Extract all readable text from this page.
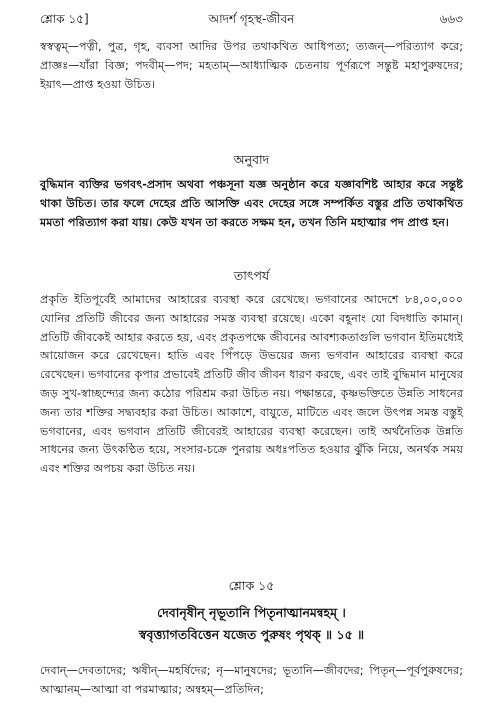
শ্লোক ১৫]	আদর্শ গৃহস্থ-জীবন	৬৬৩

স্বস্বত্বম্—পত্নী, পুত্র, গৃহ, ব্যবসা আদির উপর তথাকথিত আধিপত্য; ত্যজন্—পরিত্যাগ করে; প্রাজ্ঞঃ—যাঁরা বিজ্ঞ; পদবীম্—পদ; মহতাম্—আধ্যাত্মিক চেতনায় পূর্ণরূপে সন্তুষ্ট মহাপুরুষদের; ইয়াৎ—প্রাপ্ত হওয়া উচিত।

অনুবাদ

বুদ্ধিমান ব্যক্তির ভগবৎ-প্রসাদ অথবা পঞ্চসূনা যজ্ঞ অনুষ্ঠান করে যজ্ঞাবশিষ্ট আহার করে সন্তুষ্ট থাকা উচিত। তার ফলে দেহের প্রতি আসক্তি এবং দেহের সঙ্গে সম্পর্কিত বস্তুর প্রতি তথাকথিত মমতা পরিত্যাগ করা যায়। কেউ যখন তা করতে সক্ষম হন, তখন তিনি মহাত্মার পদ প্রাপ্ত হন।

তাৎপর্য

প্রকৃতি ইতিপূর্বেই আমাদের আহারের ব্যবস্থা করে রেখেছে। ভগবানের আদেশে ৮৪,০০,০০০ যোনির প্রতিটি জীবের জন্য আহারের সমস্ত ব্যবস্থা রয়েছে। একো বহূনাং যো বিদধাতি কামান্। প্রতিটি জীবকেই আহার করতে হয়, এবং প্রকৃতপক্ষে জীবনের আবশ্যকতাগুলি ভগবান ইতিমধ্যেই আয়োজন করে রেখেছেন। হাতি এবং পিঁপড়ে উভয়ের জন্য ভগবান আহারের ব্যবস্থা করে রেখেছেন। ভগবানের কৃপার প্রভাবেই প্রতিটি জীব জীবন ধারণ করছে, এবং তাই বুদ্ধিমান মানুষের জড় সুখ-স্বাচ্ছন্দ্যের জন্য কঠোর পরিশ্রম করা উচিত নয়। পক্ষান্তরে, কৃষ্ণভক্তিতে উন্নতি সাধনের জন্য তার শক্তির সদ্ব্যবহার করা উচিত। আকাশে, বায়ুতে, মাটিতে এবং জলে উৎপন্ন সমস্ত বস্তুই ভগবানের, এবং ভগবান প্রতিটি জীবেরই আহারের ব্যবস্থা করেছেন। তাই অর্থনৈতিক উন্নতি সাধনের জন্য উৎকণ্ঠিত হয়ে, সংসার-চক্রে পুনরায় অধঃপতিত হওয়ার ঝুঁকি নিয়ে, অনর্থক সময় এবং শক্তির অপচয় করা উচিত নয়।

শ্লোক ১৫

দেবানৃষীন্ নৃভূতানি পিতৃনাত্মানমন্বহম্ ।

স্ববৃত্ত্যাগতবিত্তেন যজেত পুরুষং পৃথক্ ॥ ১৫ ॥

দেবান্—দেবতাদের; ঋষীন্—মহর্ষিদের; নৃ—মানুষদের; ভূতানি—জীবদের; পিতৃন্—পূর্বপুরুষদের; আত্মানম্—আত্মা বা পরমাত্মার; অন্বহম্—প্রতিদিন;
